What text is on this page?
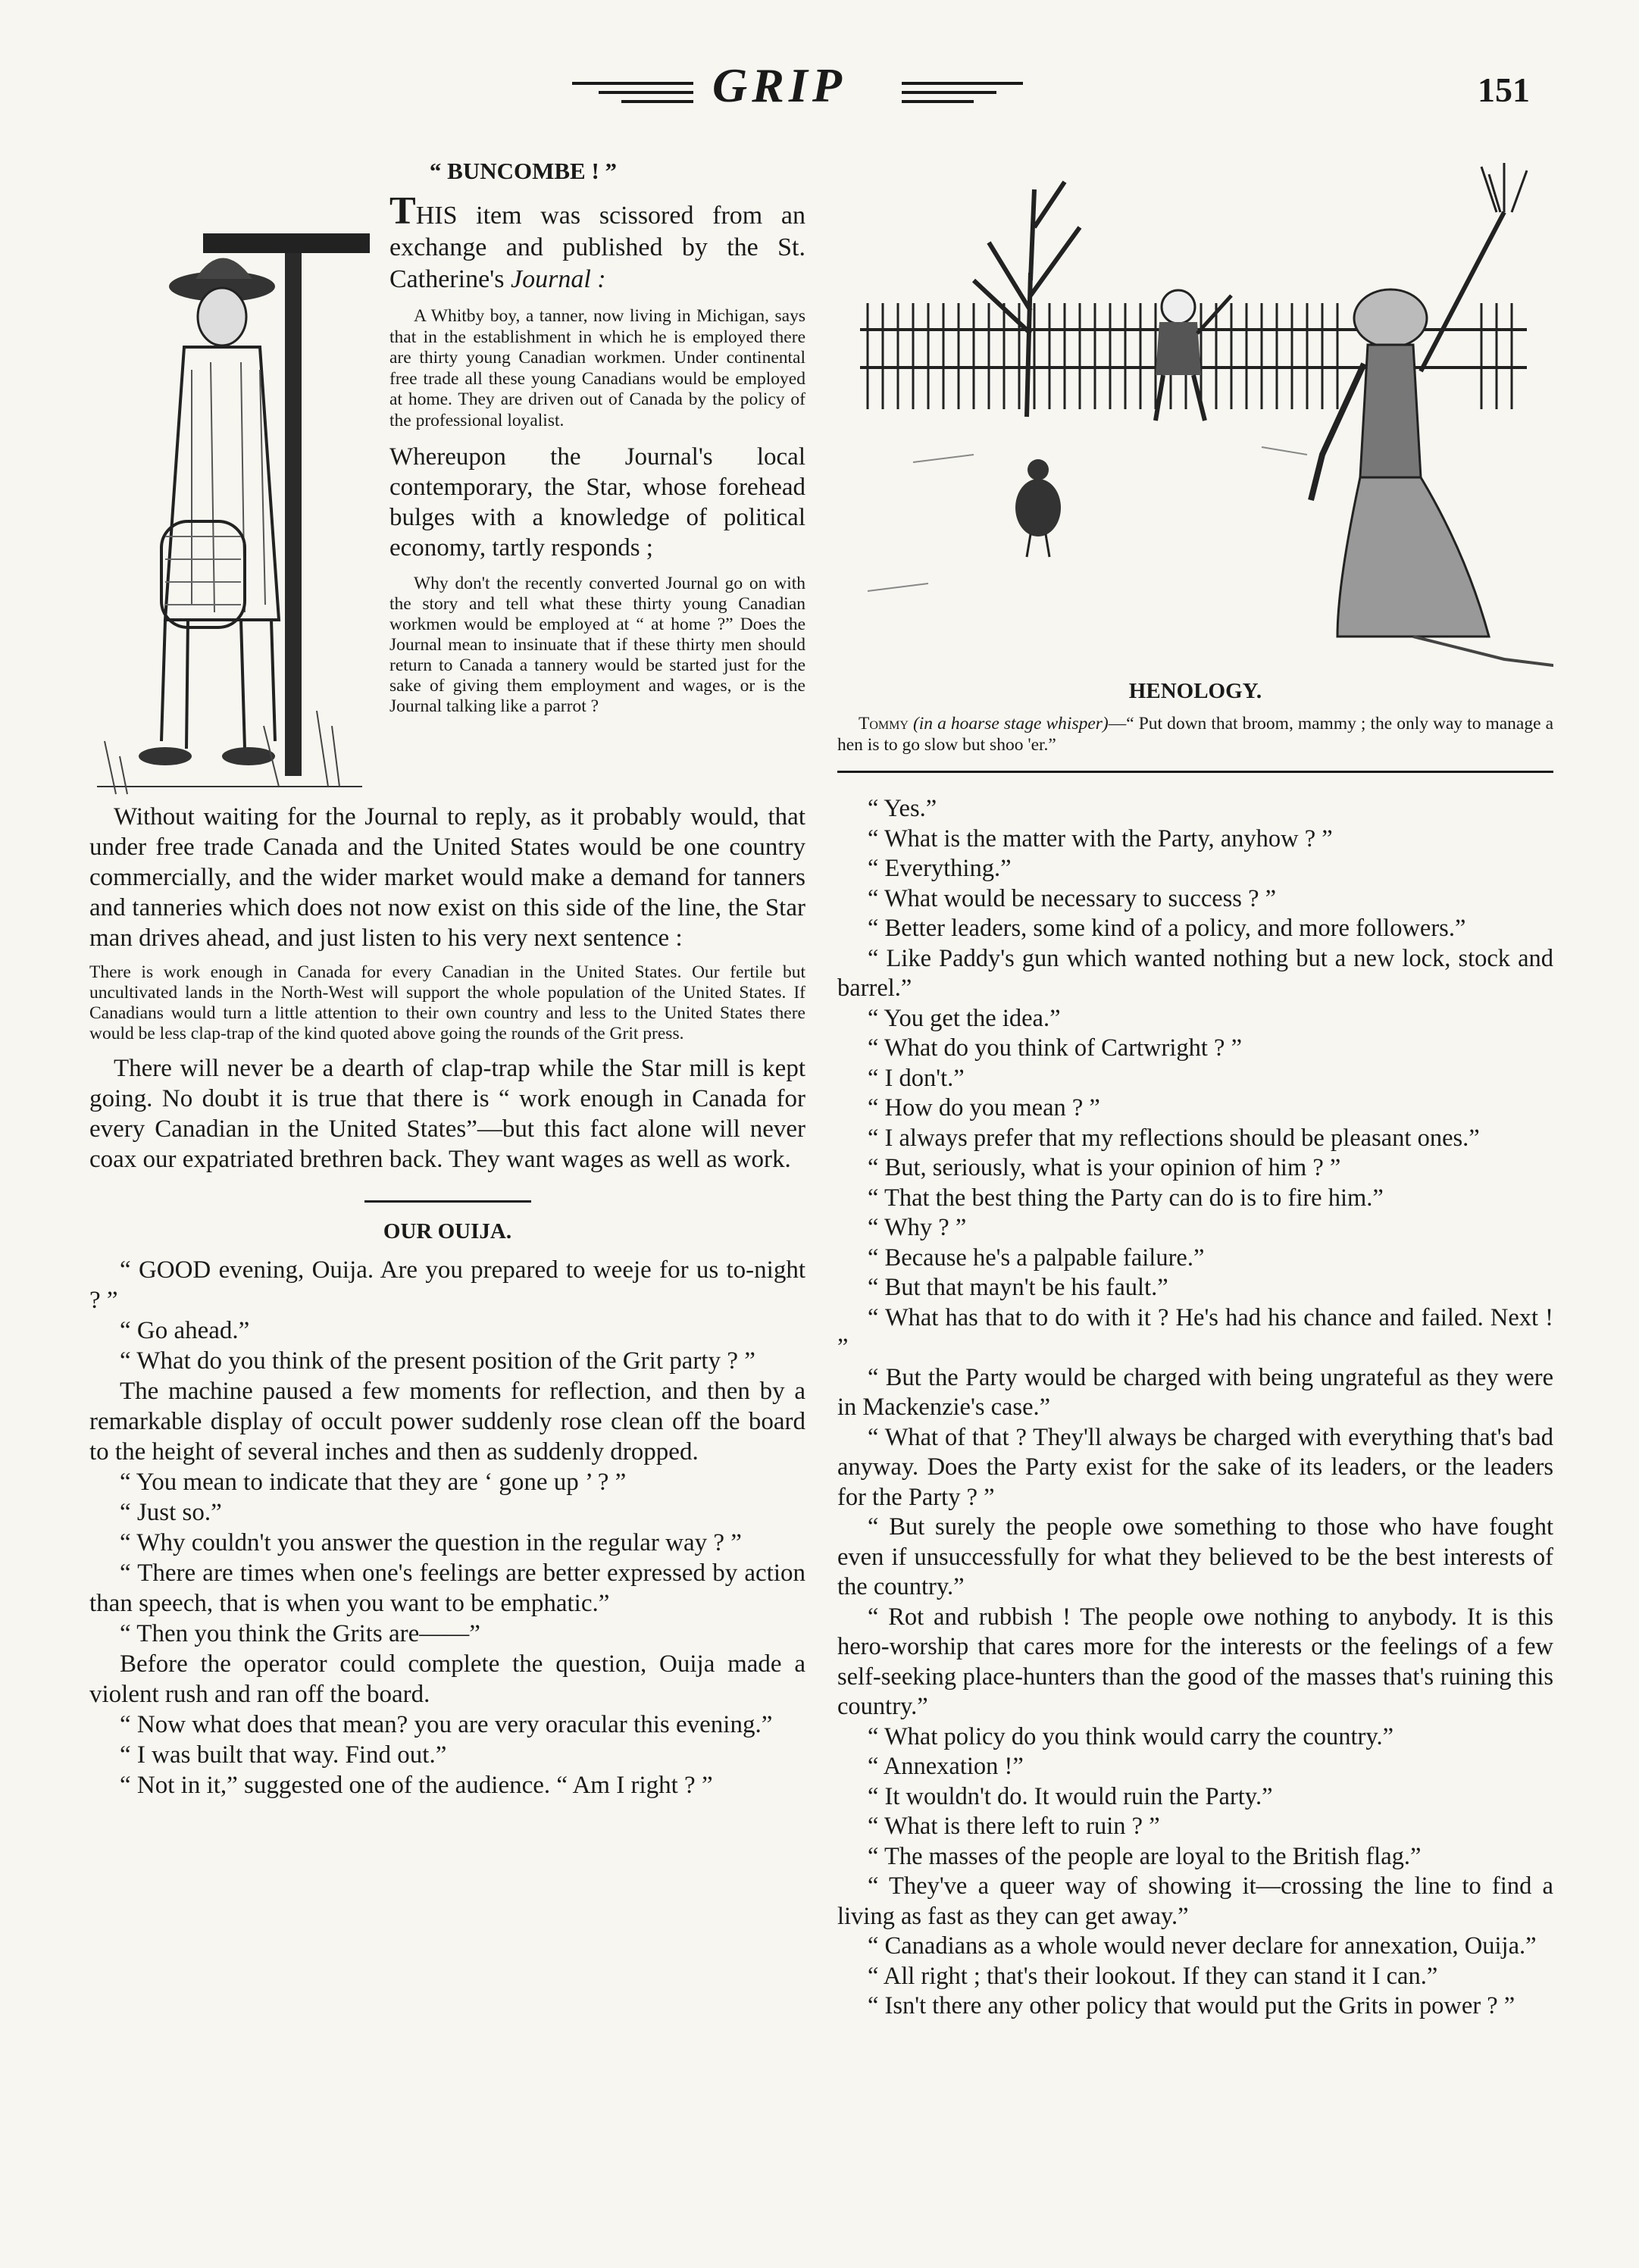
GRIP	151
“ BUNCOMBE ! ”

THIS item was scissored from an exchange and published by the St. Catherine's Journal :

A Whitby boy, a tanner, now living in Michigan, says that in the establishment in which he is employed there are thirty young Canadian workmen. Under continental free trade all these young Canadians would be employed at home. They are driven out of Canada by the policy of the professional loyalist.

Whereupon the Journal's local contemporary, the Star, whose forehead bulges with a knowledge of political economy, tartly responds ;

Why don't the recently converted Journal go on with the story and tell what these thirty young Canadian workmen would be employed at “ at home ?” Does the Journal mean to insinuate that if these thirty men should return to Canada a tannery would be started just for the sake of giving them employment and wages, or is the Journal talking like a parrot ?

Without waiting for the Journal to reply, as it probably would, that under free trade Canada and the United States would be one country commercially, and the wider market would make a demand for tanners and tanneries which does not now exist on this side of the line, the Star man drives ahead, and just listen to his very next sentence :

There is work enough in Canada for every Canadian in the United States. Our fertile but uncultivated lands in the North-West will support the whole population of the United States. If Canadians would turn a little attention to their own country and less to the United States there would be less clap-trap of the kind quoted above going the rounds of the Grit press.

There will never be a dearth of clap-trap while the Star mill is kept going. No doubt it is true that there is “ work enough in Canada for every Canadian in the United States”—but this fact alone will never coax our expatriated brethren back. They want wages as well as work.

OUR OUIJA.

“ GOOD evening, Ouija. Are you prepared to weeje for us to-night ? ”

“ Go ahead.”

“ What do you think of the present position of the Grit party ? ”

The machine paused a few moments for reflection, and then by a remarkable display of occult power suddenly rose clean off the board to the height of several inches and then as suddenly dropped.

“ You mean to indicate that they are ‘ gone up ’ ? ”

“ Just so.”

“ Why couldn't you answer the question in the regular way ? ”

“ There are times when one's feelings are better expressed by action than speech, that is when you want to be emphatic.”

“ Then you think the Grits are——”

Before the operator could complete the question, Ouija made a violent rush and ran off the board.

“ Now what does that mean? you are very oracular this evening.”

“ I was built that way. Find out.”

“ Not in it,” suggested one of the audience. “ Am I right ? ”

HENOLOGY.

Tommy (in a hoarse stage whisper)—“ Put down that broom, mammy ; the only way to manage a hen is to go slow but shoo 'er.”

“ Yes.”

“ What is the matter with the Party, anyhow ? ”

“ Everything.”

“ What would be necessary to success ? ”

“ Better leaders, some kind of a policy, and more followers.”

“ Like Paddy's gun which wanted nothing but a new lock, stock and barrel.”

“ You get the idea.”

“ What do you think of Cartwright ? ”

“ I don't.”

“ How do you mean ? ”

“ I always prefer that my reflections should be pleasant ones.”

“ But, seriously, what is your opinion of him ? ”

“ That the best thing the Party can do is to fire him.”

“ Why ? ”

“ Because he's a palpable failure.”

“ But that mayn't be his fault.”

“ What has that to do with it ? He's had his chance and failed. Next ! ”

“ But the Party would be charged with being ungrateful as they were in Mackenzie's case.”

“ What of that ? They'll always be charged with everything that's bad anyway. Does the Party exist for the sake of its leaders, or the leaders for the Party ? ”

“ But surely the people owe something to those who have fought even if unsuccessfully for what they believed to be the best interests of the country.”

“ Rot and rubbish ! The people owe nothing to anybody. It is this hero-worship that cares more for the interests or the feelings of a few self-seeking place-hunters than the good of the masses that's ruining this country.”

“ What policy do you think would carry the country.”

“ Annexation !”

“ It wouldn't do. It would ruin the Party.”

“ What is there left to ruin ? ”

“ The masses of the people are loyal to the British flag.”

“ They've a queer way of showing it—crossing the line to find a living as fast as they can get away.”

“ Canadians as a whole would never declare for annexation, Ouija.”

“ All right ; that's their lookout. If they can stand it I can.”

“ Isn't there any other policy that would put the Grits in power ? ”
